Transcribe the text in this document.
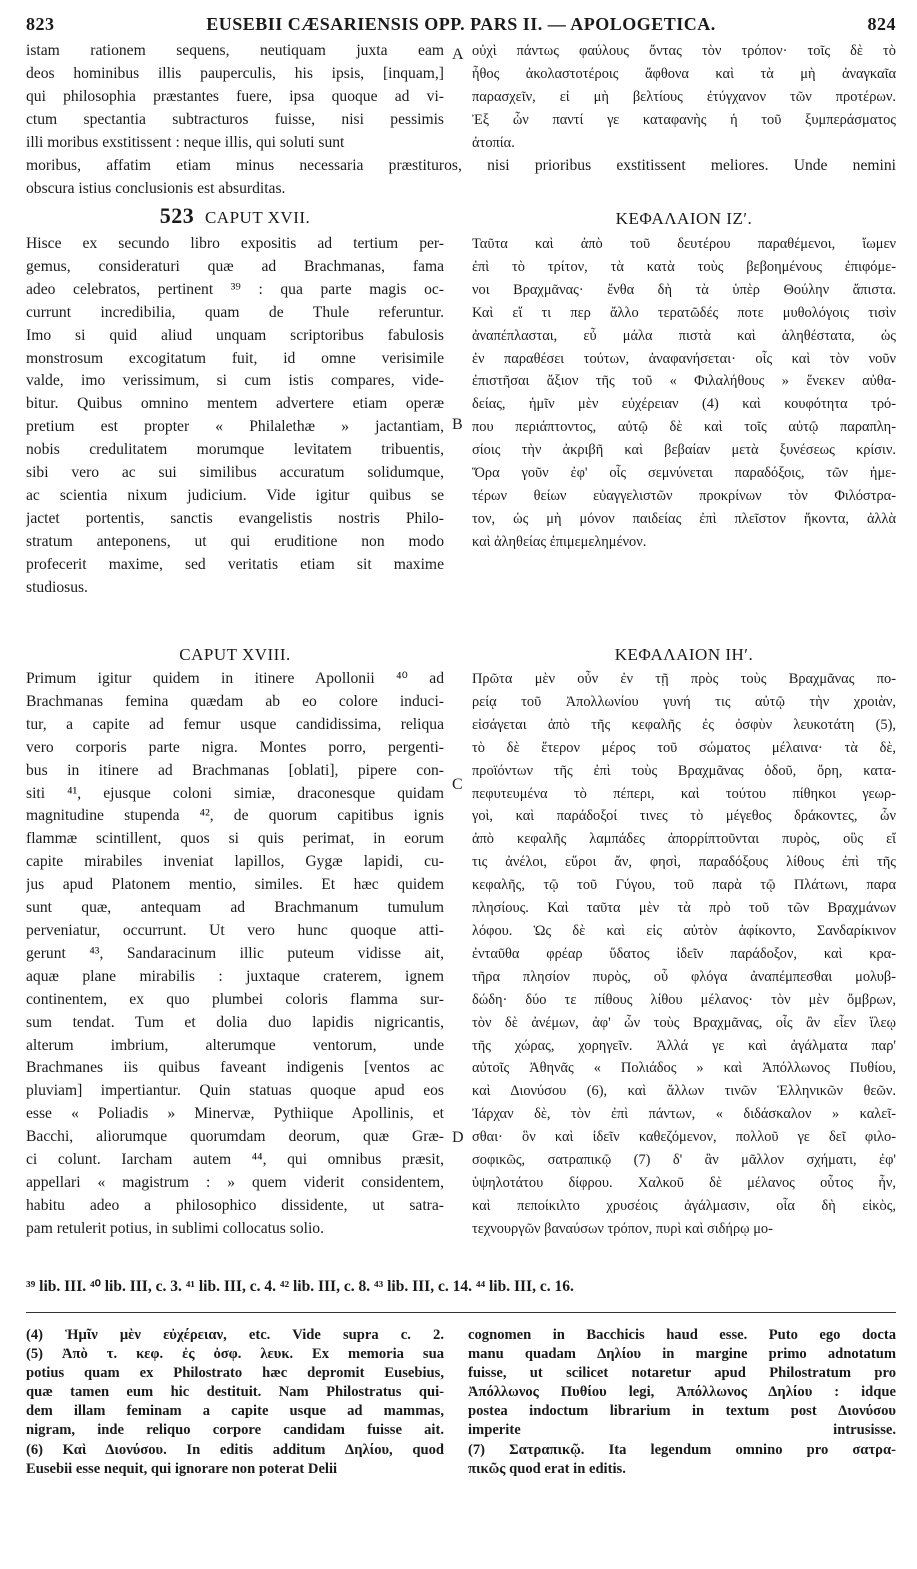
823	EUSEBII CÆSARIENSIS OPP. PARS II. — APOLOGETICA.	824
istam rationem sequens, neutiquam juxta eam
deos hominibus illis pauperculis, his ipsis, [inquam,]
qui philosophia præstantes fuere, ipsa quoque ad vi-
ctum spectantia subtracturos fuisse, nisi pessimis
illi moribus exstitissent : neque illis, qui soluti sunt
οὐχὶ πάντως φαύλους ὄντας τὸν τρόπον· τοῖς δὲ τὸ
ἦθος ἀκολαστοτέροις ἄφθονα καὶ τὰ μὴ ἀναγκαῖα
παρασχεῖν, εἰ μὴ βελτίους ἐτύγχανον τῶν προτέρων.
Ἐξ ὧν παντί γε καταφανὴς ἡ τοῦ ξυμπεράσματος
ἀτοπία.
moribus, affatim etiam minus necessaria præstituros, nisi prioribus exstitissent meliores. Unde nemini
obscura istius conclusionis est absurditas.
A
523 CAPUT XVII.	ΚΕΦΑΛΑΙΟΝ ΙΖʹ.
Hisce ex secundo libro expositis ad tertium per-
gemus, consideraturi quæ ad Brachmanas, fama
adeo celebratos, pertinent ³⁹ : qua parte magis oc-
currunt incredibilia, quam de Thule referuntur.
Imo si quid aliud unquam scriptoribus fabulosis
monstrosum excogitatum fuit, id omne verisimile
valde, imo verissimum, si cum istis compares, vide-
bitur. Quibus omnino mentem advertere etiam operæ
pretium est propter « Philalethæ » jactantiam,
nobis credulitatem morumque levitatem tribuentis,
sibi vero ac sui similibus accuratum solidumque,
ac scientia nixum judicium. Vide igitur quibus se
jactet portentis, sanctis evangelistis nostris Philo-
stratum anteponens, ut qui eruditione non modo
profecerit maxime, sed veritatis etiam sit maxime
studiosus.
Ταῦτα καὶ ἀπὸ τοῦ δευτέρου παραθέμενοι, ἴωμεν
ἐπὶ τὸ τρίτον, τὰ κατὰ τοὺς βεβοημένους ἐπιφόμε-
νοι Βραχμᾶνας· ἔνθα δὴ τὰ ὑπὲρ Θούλην ἄπιστα.
Καὶ εἴ τι περ ἄλλο τερατῶδές ποτε μυθολόγοις τισὶν
ἀναπέπλασται, εὖ μάλα πιστὰ καὶ ἀληθέστατα, ὡς
ἐν παραθέσει τούτων, ἀναφανήσεται· οἷς καὶ τὸν νοῦν
ἐπιστῆσαι ἄξιον τῆς τοῦ « Φιλαλήθους » ἕνεκεν αὐθα-
δείας, ἡμῖν μὲν εὐχέρειαν (4) καὶ κουφότητα τρό-
που περιάπτοντος, αὐτῷ δὲ καὶ τοῖς αὐτῷ παραπλη-
σίοις τὴν ἀκριβῆ καὶ βεβαίαν μετὰ ξυνέσεως κρίσιν.
Ὅρα γοῦν ἐφ' οἷς σεμνύνεται παραδόξοις, τῶν ἡμε-
τέρων θείων εὐαγγελιστῶν προκρίνων τὸν Φιλόστρα-
τον, ὡς μὴ μόνον παιδείας ἐπὶ πλεῖστον ἥκοντα, ἀλλὰ
καὶ ἀληθείας ἐπιμεμελημένον.
B
CAPUT XVIII.	ΚΕΦΑΛΑΙΟΝ ΙΗʹ.
Primum igitur quidem in itinere Apollonii ⁴⁰ ad
Brachmanas femina quædam ab eo colore induci-
tur, a capite ad femur usque candidissima, reliqua
vero corporis parte nigra. Montes porro, pergenti-
bus in itinere ad Brachmanas [oblati], pipere con-
siti ⁴¹, ejusque coloni simiæ, draconesque quidam
magnitudine stupenda ⁴², de quorum capitibus ignis
flammæ scintillent, quos si quis perimat, in eorum
capite mirabiles inveniat lapillos, Gygæ lapidi, cu-
jus apud Platonem mentio, similes. Et hæc quidem
sunt quæ, antequam ad Brachmanum tumulum
perveniatur, occurrunt. Ut vero hunc quoque atti-
gerunt ⁴³, Sandaracinum illic puteum vidisse ait,
aquæ plane mirabilis : juxtaque craterem, ignem
continentem, ex quo plumbei coloris flamma sur-
sum tendat. Tum et dolia duo lapidis nigricantis,
alterum imbrium, alterumque ventorum, unde
Brachmanes iis quibus faveant indigenis [ventos ac
pluviam] impertiantur. Quin statuas quoque apud eos
esse « Poliadis » Minervæ, Pythiique Apollinis, et
Bacchi, aliorumque quorumdam deorum, quæ Græ-
ci colunt. Iarcham autem ⁴⁴, qui omnibus præsit,
appellari « magistrum : » quem viderit considentem,
habitu adeo a philosophico dissidente, ut satra-
pam retulerit potius, in sublimi collocatus solio.
Πρῶτα μὲν οὖν ἐν τῇ πρὸς τοὺς Βραχμᾶνας πο-
ρείᾳ τοῦ Ἀπολλωνίου γυνή τις αὐτῷ τὴν χροιὰν,
εἰσάγεται ἀπὸ τῆς κεφαλῆς ἐς ὀσφὺν λευκοτάτη (5),
τὸ δὲ ἕτερον μέρος τοῦ σώματος μέλαινα· τὰ δὲ,
προϊόντων τῆς ἐπὶ τοὺς Βραχμᾶνας ὁδοῦ, ὄρη, κατα-
πεφυτευμένα τὸ πέπερι, καὶ τούτου πίθηκοι γεωρ-
γοὶ, καὶ παράδοξοί τινες τὸ μέγεθος δράκοντες, ὧν
ἀπὸ κεφαλῆς λαμπάδες ἀπορρίπτοῦνται πυρὸς, οὓς εἴ
τις ἀνέλοι, εὕροι ἄν, φησὶ, παραδόξους λίθους ἐπὶ τῆς
κεφαλῆς, τῷ τοῦ Γύγου, τοῦ παρὰ τῷ Πλάτωνι, παρα
πλησίους. Καὶ ταῦτα μὲν τὰ πρὸ τοῦ τῶν Βραχμάνων
λόφου. Ὡς δὲ καὶ εἰς αὐτὸν ἀφίκοντο, Σανδαρίκινον
ἐνταῦθα φρέαρ ὕδατος ἰδεῖν παράδοξον, καὶ κρα-
τῆρα πλησίον πυρὸς, οὗ φλόγα ἀναπέμπεσθαι μολυβ-
δώδη· δύο τε πίθους λίθου μέλανος· τὸν μὲν ὄμβρων,
τὸν δὲ ἀνέμων, ἀφ' ὧν τοὺς Βραχμᾶνας, οἷς ἂν εἶεν ἵλεῳ
τῆς χώρας, χορηγεῖν. Ἀλλά γε καὶ ἀγάλματα παρ'
αὐτοῖς Ἀθηνᾶς « Πολιάδος » καὶ Ἀπόλλωνος Πυθίου,
καὶ Διονύσου (6), καὶ ἄλλων τινῶν Ἑλληνικῶν θεῶν.
Ἰάρχαν δὲ, τὸν ἐπὶ πάντων, « διδάσκαλον » καλεῖ-
σθαι· ὃν καὶ ἰδεῖν καθεζόμενον, πολλοῦ γε δεῖ φιλο-
σοφικῶς, σατραπικῷ (7) δ' ἂν μᾶλλον σχήματι, ἐφ'
ὑψηλοτάτου δίφρου. Χαλκοῦ δὲ μέλανος οὗτος ἦν,
καὶ πεποίκιλτο χρυσέοις ἀγάλμασιν, οἷα δὴ εἰκὸς,
τεχνουργῶν βαναύσων τρόπον, πυρὶ καὶ σιδήρῳ μο-
C
D
³⁹ lib. III. ⁴⁰ lib. III, c. 3. ⁴¹ lib. III, c. 4. ⁴² lib. III, c. 8. ⁴³ lib. III, c. 14. ⁴⁴ lib. III, c. 16.
(4) Ἡμῖν μὲν εὐχέρειαν, etc. Vide supra c. 2.
(5) Ἀπὸ τ. κεφ. ἐς ὀσφ. λευκ. Ex memoria sua
potius quam ex Philostrato hæc depromit Eusebius,
quæ tamen eum hic destituit. Nam Philostratus qui-
dem illam feminam a capite usque ad mammas,
nigram, inde reliquo corpore candidam fuisse ait.
(6) Καὶ Διονύσου. In editis additum Δηλίου, quod
Eusebii esse nequit, qui ignorare non poterat Delii
cognomen in Bacchicis haud esse. Puto ego docta
manu quadam Δηλίου in margine primo adnotatum
fuisse, ut scilicet notaretur apud Philostratum pro
Ἀπόλλωνος Πυθίου legi, Ἀπόλλωνος Δηλίου : idque
postea indoctum librarium in textum post Διονύσου
imperite intrusisse.
(7) Σατραπικῷ. Ita legendum omnino pro σατρα-
πικῶς quod erat in editis.
